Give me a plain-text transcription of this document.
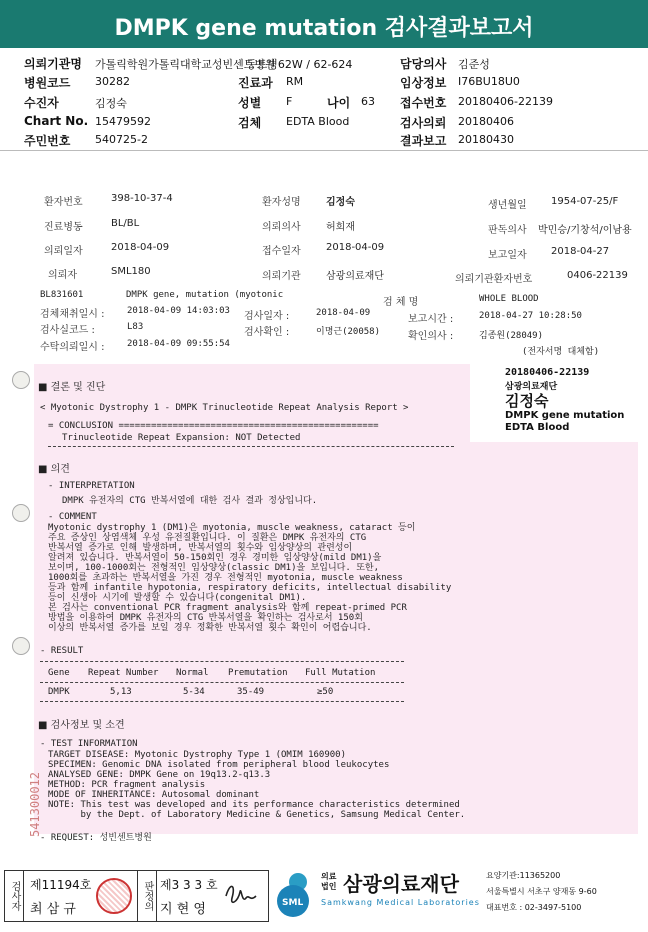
DMPK gene mutation 검사결과보고서
의뢰기관명 가톨릭학원가톨릭대학교성빈센트병원
동트병62W / 62-624	담당의사 김준성
병원코드 30282	진료과 RM	임상정보 I76BU18U0
수진자	김정숙	성별 F	나이 63 접수번호 20180406-22139
Chart No. 15479592	검체 EDTA Blood	검사의뢰 20180406
주민번호 540725-2	결과보고 20180430
환자번호	398-10-37-4	환자성명	김정숙	생년월일 1954-07-25/F
진료병동	BL/BL	의뢰의사	허희재	판독의사 박민승/기창석/이남용
의뢰일자	2018-04-09	접수일자	2018-04-09
보고일자 2018-04-27
의뢰자	SML180	의뢰기관	삼광의료재단	의뢰기관환자번호	0406-22139
BL831601	DMPK gene, mutation (myotonic
검 체 명	WHOLE BLOOD
검체채취일시 : 2018-04-09 14:03:03 검사일자 :	2018-04-09
보고시간 :	2018-04-27 10:28:50
검사실코드 :	L83	검사확인 :	이명근(20058)	확인의사 :	김종원(28049)
수탁의뢰일시 : 2018-04-09 09:55:54
(전자서명 대체함)
20180406-22139
삼광의료재단
김정숙
DMPK gene mutation
EDTA Blood
■ 결론 및 진단
< Myotonic Dystrophy 1 - DMPK Trinucleotide Repeat Analysis Report >
= CONCLUSION ================================================
Trinucleotide Repeat Expansion: NOT Detected
■ 의견
- INTERPRETATION
DMPK 유전자의 CTG 반복서열에 대한 검사 결과 정상입니다.
- COMMENT
Myotonic dystrophy 1 (DM1)은 myotonia, muscle weakness, cataract 등이
주요 증상인 상염색체 우성 유전질환입니다. 이 질환은 DMPK 유전자의 CTG
반복서열 증가로 인해 발생하며, 반복서열의 횟수와 임상양상의 관련성이
알려져 있습니다. 반복서열이 50-150회인 경우 경미한 임상양상(mild DM1)을
보이며, 100-1000회는 전형적인 임상양상(classic DM1)을 보입니다. 또한,
1000회를 초과하는 반복서열을 가진 경우 전형적인 myotonia, muscle weakness
등과 함께 infantile hypotonia, respiratory deficits, intellectual disability
등이 신생아 시기에 발생할 수 있습니다(congenital DM1).
본 검사는 conventional PCR fragment analysis와 함께 repeat-primed PCR
방법을 이용하여 DMPK 유전자의 CTG 반복서열을 확인하는 검사로서 150회
이상의 반복서열 증가를 보일 경우 정확한 반복서열 횟수 확인이 어렵습니다.
- RESULT
Gene Repeat Number Normal Premutation Full Mutation
DMPK	5,13	5-34	35-49	≥50
■ 검사정보 및 소견
- TEST INFORMATION
TARGET DISEASE: Myotonic Dystrophy Type 1 (OMIM 160900)
SPECIMEN: Genomic DNA isolated from peripheral blood leukocytes
ANALYSED GENE: DMPK Gene on 19q13.2-q13.3
METHOD: PCR fragment analysis
MODE OF INHERITANCE: Autosomal dominant
NOTE: This test was developed and its performance characteristics determined
by the Dept. of Laboratory Medicine & Genetics, Samsung Medical Center.
- REQUEST: 성빈센트병원
541300012
검사자 제11194호
최 삼 규	판정의 제3 3 3 호
지 현 영	SML
의료법인 삼광의료재단
Samkwang Medical Laboratories
요양기관:11365200
서울특별시 서초구 양재동 9-60
대표번호 : 02-3497-5100
